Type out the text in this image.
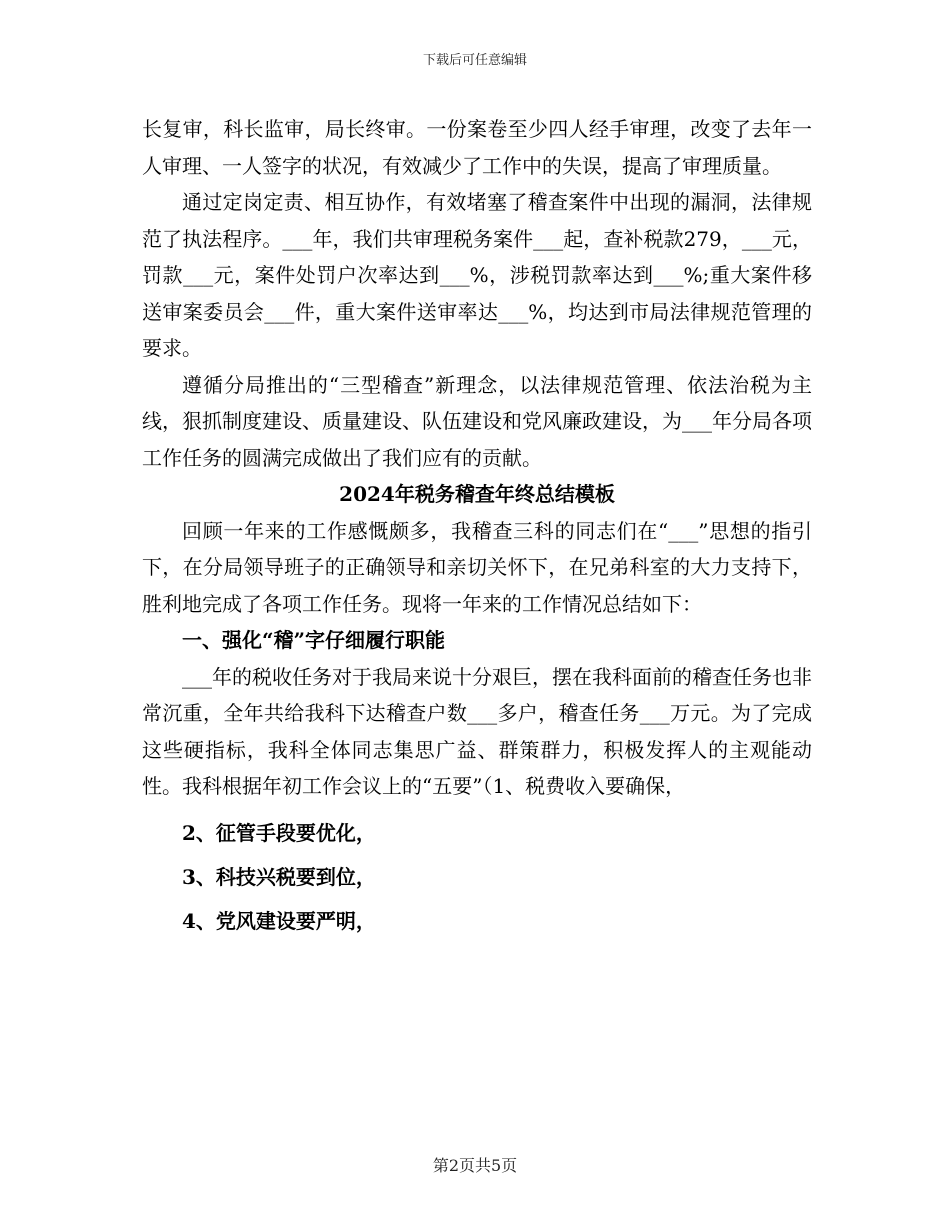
下载后可任意编辑

长复审，科长监审，局长终审。一份案卷至少四人经手审理，改变了去年一人审理、一人签字的状况，有效减少了工作中的失误，提高了审理质量。

通过定岗定责、相互协作，有效堵塞了稽查案件中出现的漏洞，法律规范了执法程序。___年，我们共审理税务案件___起，查补税款279，___元，罚款___元，案件处罚户次率达到___%，涉税罚款率达到___%;重大案件移送审案委员会___件，重大案件送审率达___%，均达到市局法律规范管理的要求。

遵循分局推出的“三型稽查”新理念，以法律规范管理、依法治税为主线，狠抓制度建设、质量建设、队伍建设和党风廉政建设，为___年分局各项工作任务的圆满完成做出了我们应有的贡献。

2024年税务稽查年终总结模板

回顾一年来的工作感慨颇多，我稽查三科的同志们在“___”思想的指引下，在分局领导班子的正确领导和亲切关怀下，在兄弟科室的大力支持下，胜利地完成了各项工作任务。现将一年来的工作情况总结如下：

一、强化“稽”字仔细履行职能

___年的税收任务对于我局来说十分艰巨，摆在我科面前的稽查任务也非常沉重，全年共给我科下达稽查户数___多户，稽查任务___万元。为了完成这些硬指标，我科全体同志集思广益、群策群力，积极发挥人的主观能动性。我科根据年初工作会议上的“五要”（1、税费收入要确保，

2、征管手段要优化，

3、科技兴税要到位，

4、党风建设要严明，

第2页共5页
